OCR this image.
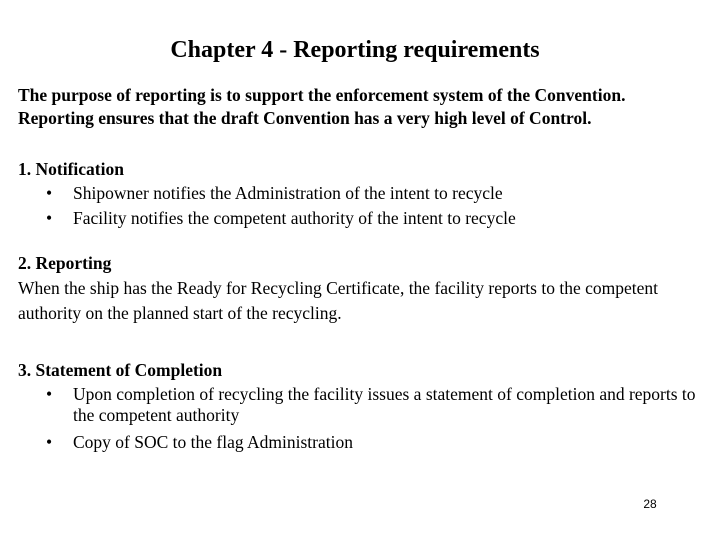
Chapter 4 - Reporting requirements
The purpose of reporting is to support the enforcement system of the Convention.
Reporting ensures that the draft Convention has a very high level of Control.
1. Notification
• Shipowner notifies the Administration of the intent to recycle
• Facility notifies the competent authority of the intent to recycle
2. Reporting
When the ship has the Ready for Recycling Certificate, the facility reports to the competent authority on the planned start of the recycling.
3. Statement of Completion
• Upon completion of recycling the facility issues a statement of completion and reports to the competent authority
• Copy of SOC to the flag Administration
28
